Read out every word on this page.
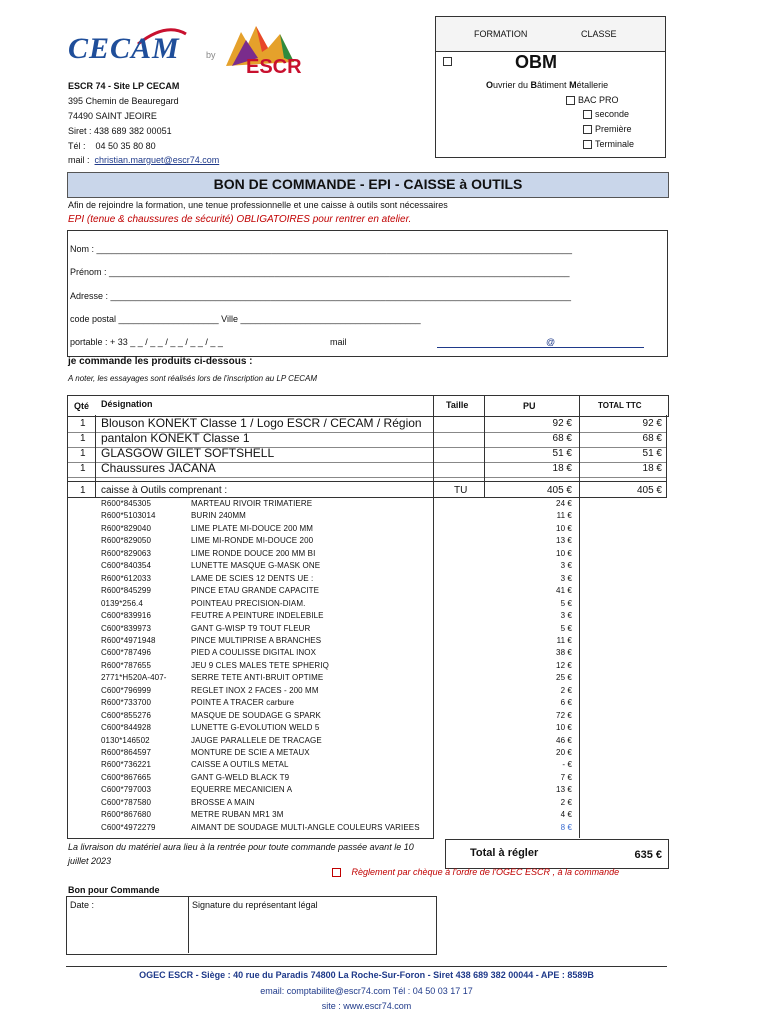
CECAM	by
ESCR
FORMATION	CLASSE
OBM
Ouvrier du Bâtiment Métallerie
BAC PRO
seconde
Première
Terminale
ESCR 74 - Site LP CECAM
395 Chemin de Beauregard
74490 SAINT JEOIRE
Siret : 438 689 382 00051
Tél : 04 50 35 80 80
mail : christian.marguet@escr74.com
BON DE COMMANDE - EPI - CAISSE à OUTILS
Afin de rejoindre la formation, une tenue professionnelle et une caisse à outils sont nécessaires
EPI (tenue & chaussures de sécurité) OBLIGATOIRES pour rentrer en atelier.
Nom : _______________________________________________________________________________________________
Prénom : ____________________________________________________________________________________________
Adresse : ____________________________________________________________________________________________
code postal ____________________ Ville ____________________________________
portable : + 33 _ _ / _ _ / _ _ / _ _ / _ _	mail	@
je commande les produits ci-dessous :
A noter, les essayages sont réalisés lors de l'inscription au LP CECAM
Qté Désignation	Taille	PU	TOTAL TTC
1 Blouson KONEKT Classe 1 / Logo ESCR / CECAM / Région	92 €	92 €
1 pantalon KONEKT Classe 1	68 €	68 €
1 GLASGOW GILET SOFTSHELL	51 €	51 €
1 Chaussures JACANA	18 €	18 €
1 caisse à Outils comprenant :	TU	405 €	405 €
R600*845305	MARTEAU RIVOIR TRIMATIERE	24 €
R600*5103014	BURIN 240MM	11 €
R600*829040	LIME PLATE MI-DOUCE 200 MM	10 €
R600*829050	LIME MI-RONDE MI-DOUCE 200	13 €
R600*829063	LIME RONDE DOUCE 200 MM BI	10 €
C600*840354	LUNETTE MASQUE G-MASK ONE	3 €
R600*612033	LAME DE SCIES 12 DENTS UE :	3 €
R600*845299	PINCE ETAU GRANDE CAPACITE	41 €
0139*256.4	POINTEAU PRECISION-DIAM.	5 €
C600*839916	FEUTRE A PEINTURE INDELEBILE	3 €
C600*839973	GANT G-WISP T9 TOUT FLEUR	5 €
R600*4971948	PINCE MULTIPRISE A BRANCHES	11 €
C600*787496	PIED A COULISSE DIGITAL INOX	38 €
R600*787655	JEU 9 CLES MALES TETE SPHERIQ	12 €
2771*H520A-407-	SERRE TETE ANTI-BRUIT OPTIME	25 €
C600*796999	REGLET INOX 2 FACES - 200 MM	2 €
R600*733700	POINTE A TRACER carbure	6 €
C600*855276	MASQUE DE SOUDAGE G SPARK	72 €
C600*844928	LUNETTE G-EVOLUTION WELD 5	10 €
0130*146502	JAUGE PARALLELE DE TRACAGE	46 €
R600*864597	MONTURE DE SCIE A METAUX	20 €
R600*736221	CAISSE A OUTILS METAL	- €
C600*867665	GANT G-WELD BLACK T9	7 €
C600*797003	EQUERRE MECANICIEN A	13 €
C600*787580	BROSSE A MAIN	2 €
R600*867680	METRE RUBAN MR1 3M	4 €
C600*4972279	AIMANT DE SOUDAGE MULTI-ANGLE COULEURS VARIEES	8 €
La livraison du matériel aura lieu à la rentrée pour toute commande passée avant le 10 juillet 2023
Total à régler	635 €
Règlement par chèque à l'ordre de l'OGEC ESCR , à la commande
Bon pour Commande
Date :	Signature du représentant légal
OGEC ESCR - Siège : 40 rue du Paradis 74800 La Roche-Sur-Foron - Siret 438 689 382 00044 - APE : 8589B
email: comptabilite@escr74.com Tél : 04 50 03 17 17
site : www.escr74.com
